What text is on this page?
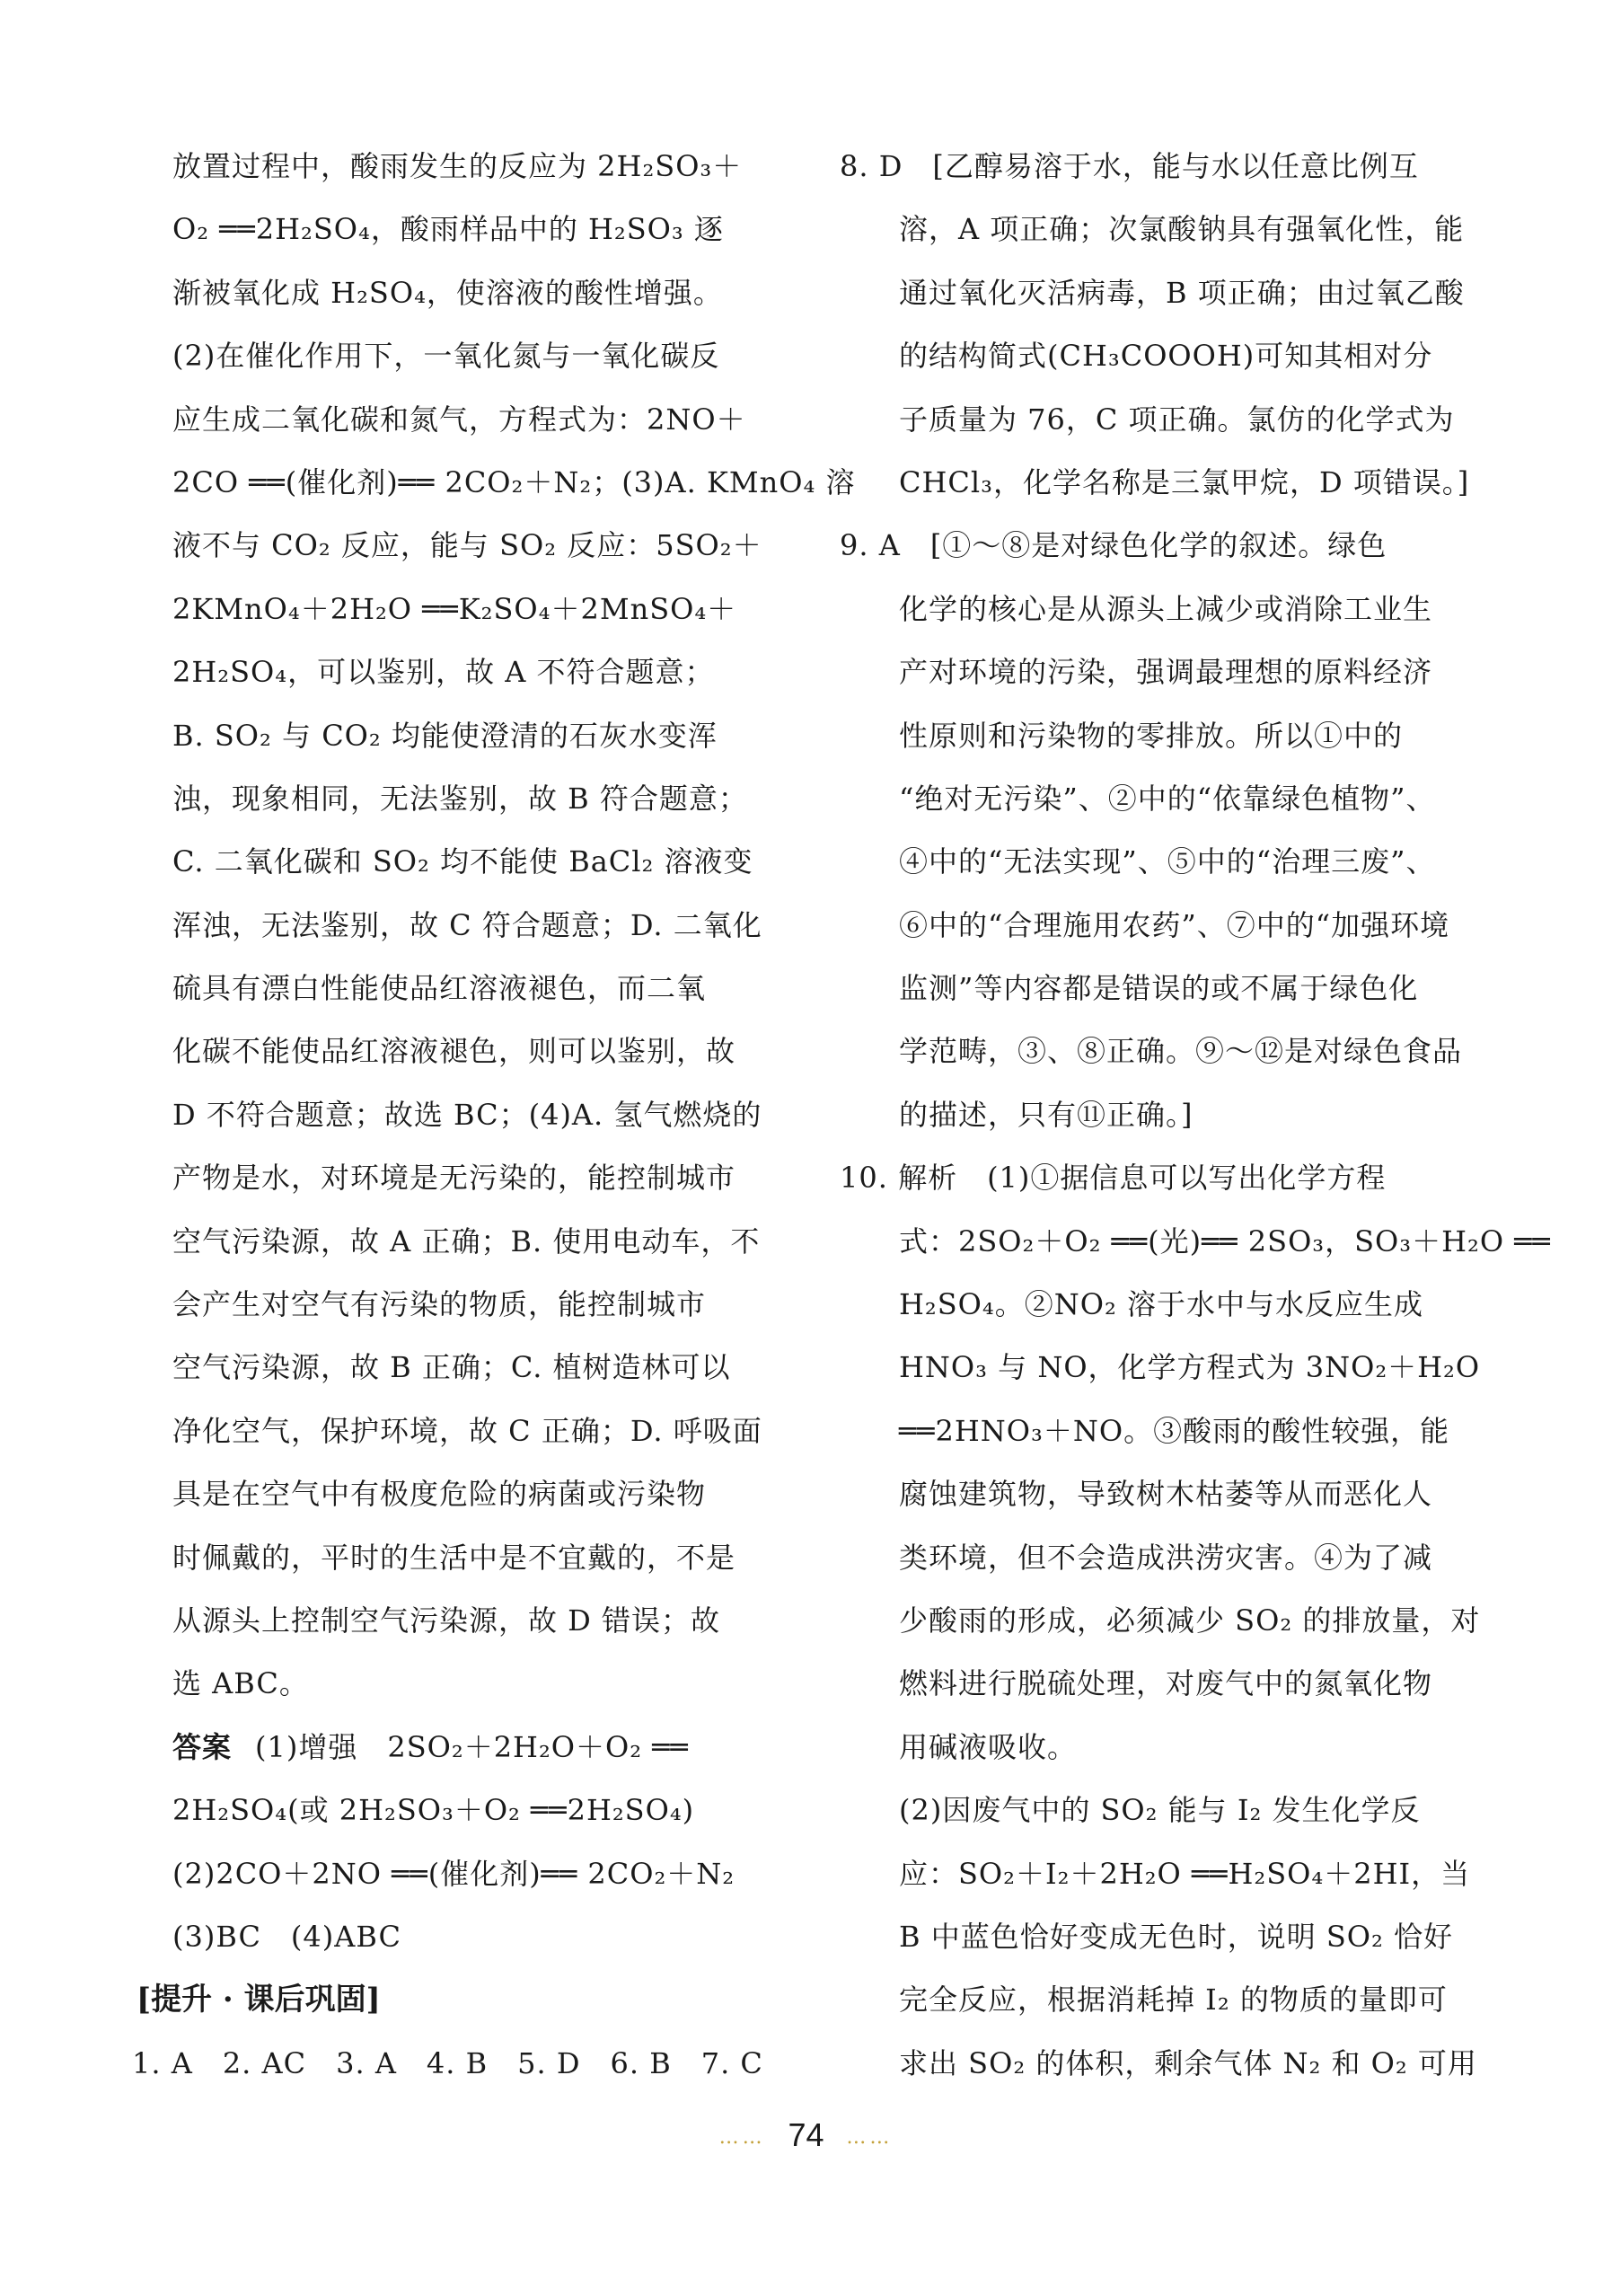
放置过程中，酸雨发生的反应为 2H₂SO₃＋
O₂ ══2H₂SO₄，酸雨样品中的 H₂SO₃ 逐
渐被氧化成 H₂SO₄，使溶液的酸性增强。
(2)在催化作用下，一氧化氮与一氧化碳反
应生成二氧化碳和氮气，方程式为：2NO＋
2CO ══(催化剂)══ 2CO₂＋N₂；(3)A. KMnO₄ 溶
液不与 CO₂ 反应，能与 SO₂ 反应：5SO₂＋
2KMnO₄＋2H₂O ══K₂SO₄＋2MnSO₄＋
2H₂SO₄，可以鉴别，故 A 不符合题意；
B. SO₂ 与 CO₂ 均能使澄清的石灰水变浑
浊，现象相同，无法鉴别，故 B 符合题意；
C. 二氧化碳和 SO₂ 均不能使 BaCl₂ 溶液变
浑浊，无法鉴别，故 C 符合题意；D. 二氧化
硫具有漂白性能使品红溶液褪色，而二氧
化碳不能使品红溶液褪色，则可以鉴别，故
D 不符合题意；故选 BC；(4)A. 氢气燃烧的
产物是水，对环境是无污染的，能控制城市
空气污染源，故 A 正确；B. 使用电动车，不
会产生对空气有污染的物质，能控制城市
空气污染源，故 B 正确；C. 植树造林可以
净化空气，保护环境，故 C 正确；D. 呼吸面
具是在空气中有极度危险的病菌或污染物
时佩戴的，平时的生活中是不宜戴的，不是
从源头上控制空气污染源，故 D 错误；故
选 ABC。
答案 (1)增强　2SO₂＋2H₂O＋O₂ ══
2H₂SO₄(或 2H₂SO₃＋O₂ ══2H₂SO₄)
(2)2CO＋2NO ══(催化剂)══ 2CO₂＋N₂
(3)BC　(4)ABC
[提升 · 课后巩固]
1. A　2. AC　3. A　4. B　5. D　6. B　7. C
8. D　[乙醇易溶于水，能与水以任意比例互
　　溶，A 项正确；次氯酸钠具有强氧化性，能
　　通过氧化灭活病毒，B 项正确；由过氧乙酸
　　的结构简式(CH₃COOOH)可知其相对分
　　子质量为 76，C 项正确。氯仿的化学式为
　　CHCl₃，化学名称是三氯甲烷，D 项错误。]
9. A　[①～⑧是对绿色化学的叙述。绿色
　　化学的核心是从源头上减少或消除工业生
　　产对环境的污染，强调最理想的原料经济
　　性原则和污染物的零排放。所以①中的
　　“绝对无污染”、②中的“依靠绿色植物”、
　　④中的“无法实现”、⑤中的“治理三废”、
　　⑥中的“合理施用农药”、⑦中的“加强环境
　　监测”等内容都是错误的或不属于绿色化
　　学范畴，③、⑧正确。⑨～⑫是对绿色食品
　　的描述，只有⑪正确。]
10. 解析　(1)①据信息可以写出化学方程
　　式：2SO₂＋O₂ ══(光)══ 2SO₃，SO₃＋H₂O ══
　　H₂SO₄。②NO₂ 溶于水中与水反应生成
　　HNO₃ 与 NO，化学方程式为 3NO₂＋H₂O
　　══2HNO₃＋NO。③酸雨的酸性较强，能
　　腐蚀建筑物，导致树木枯萎等从而恶化人
　　类环境，但不会造成洪涝灾害。④为了减
　　少酸雨的形成，必须减少 SO₂ 的排放量，对
　　燃料进行脱硫处理，对废气中的氮氧化物
　　用碱液吸收。
　　(2)因废气中的 SO₂ 能与 I₂ 发生化学反
　　应：SO₂＋I₂＋2H₂O ══H₂SO₄＋2HI，当
　　B 中蓝色恰好变成无色时，说明 SO₂ 恰好
　　完全反应，根据消耗掉 I₂ 的物质的量即可
　　求出 SO₂ 的体积，剩余气体 N₂ 和 O₂ 可用
…… 74 ……
